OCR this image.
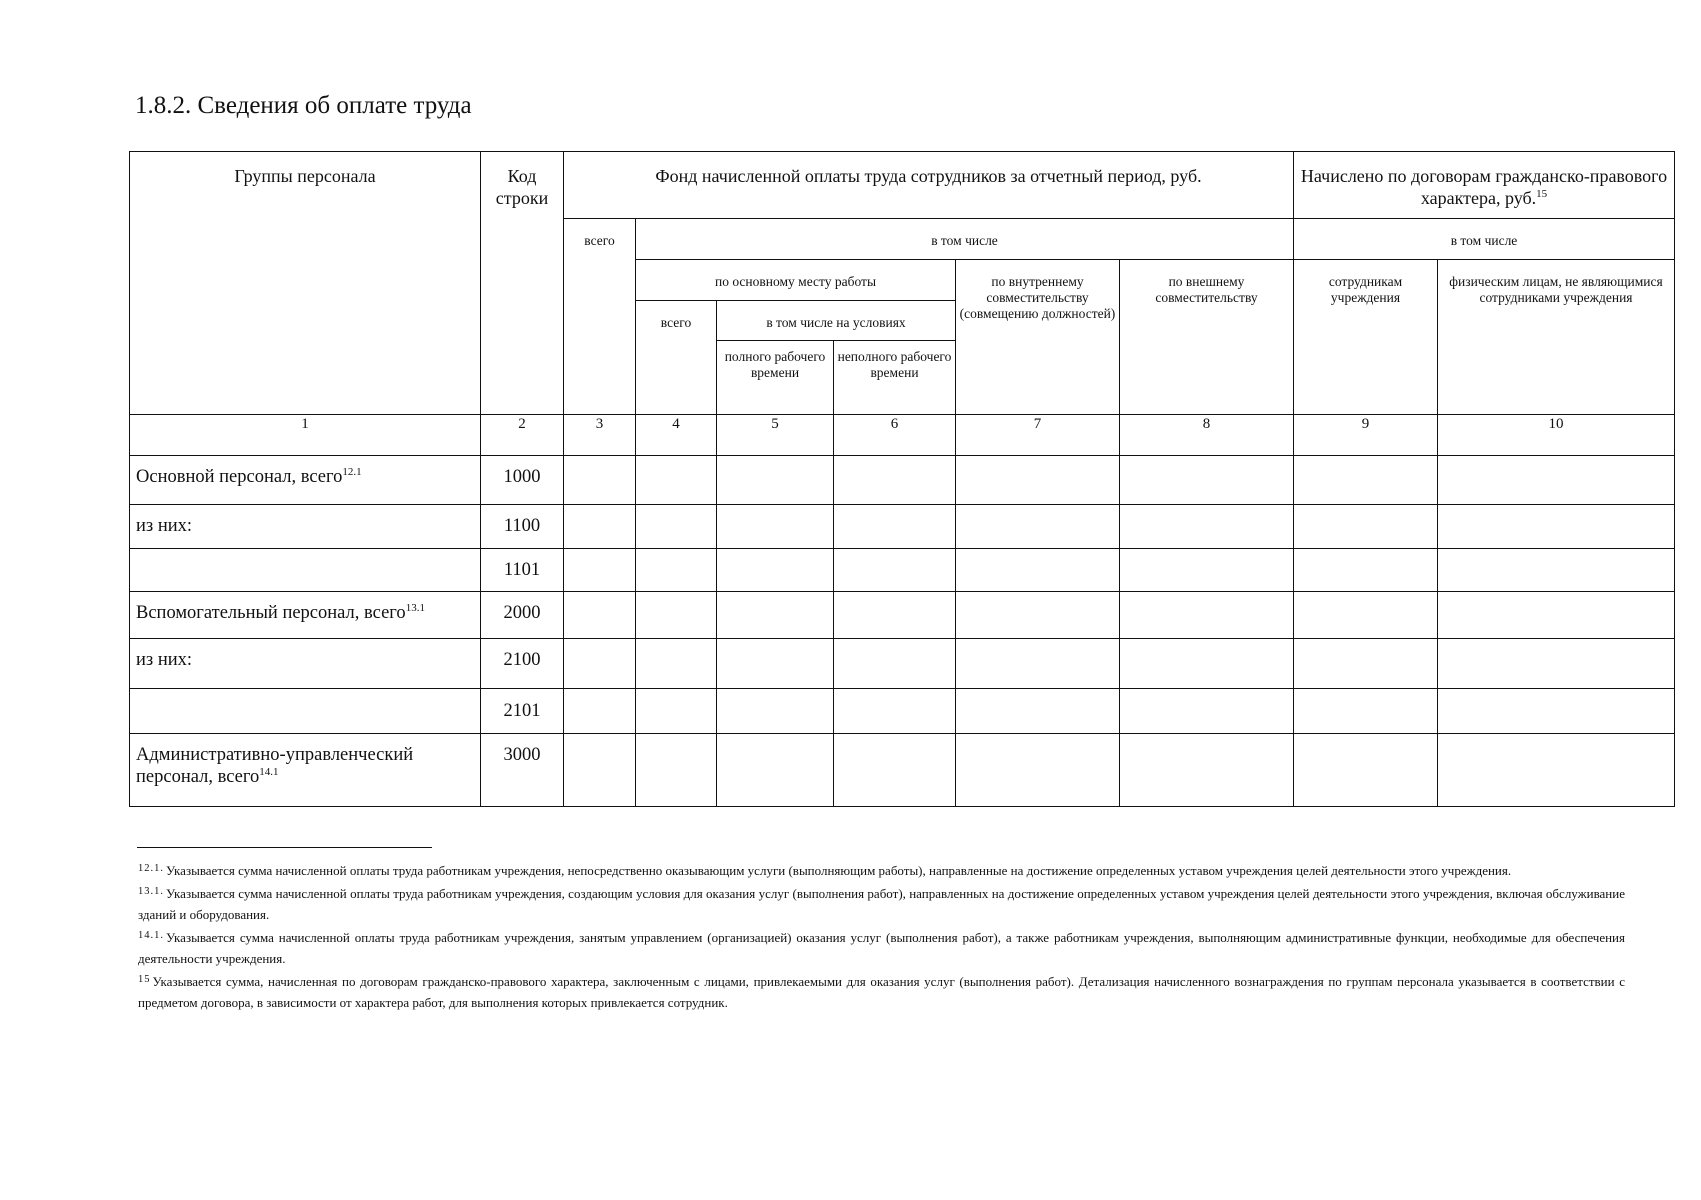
1.8.2. Сведения об оплате труда
Группы персонала	Код строки	Фонд начисленной оплаты труда сотрудников за отчетный период, руб.						Начислено по договорам гражданско-правового характера, руб.$^{15}$
		всего	в том числе					в том числе	
			по основному месту работы			по внутреннему совместительству (совмещению должностей)	по внешнему совместительству	сотрудникам учреждения	физическим лицам, не являющимися сотрудниками учреждения
			всего	в том числе на условиях					
				полного рабочего времени	неполного рабочего времени				
1	2	3	4	5	6	7	8	9	10
Основной персонал, всего$^{12.1}$	1000								
из них:	1100								
	1101								
Вспомогательный персонал, всего$^{13.1}$	2000								
из них:	2100								
	2101								
Административно-управленческий персонал, всего$^{14.1}$	3000								

$^{12.1.}$ Указывается сумма начисленной оплаты труда работникам учреждения, непосредственно оказывающим услуги (выполняющим работы), направленные на достижение определенных уставом учреждения целей деятельности этого учреждения.

$^{13.1.}$ Указывается сумма начисленной оплаты труда работникам учреждения, создающим условия для оказания услуг (выполнения работ), направленных на достижение определенных уставом учреждения целей деятельности этого учреждения, включая обслуживание зданий и оборудования.

$^{14.1.}$ Указывается сумма начисленной оплаты труда работникам учреждения, занятым управлением (организацией) оказания услуг (выполнения работ), а также работникам учреждения, выполняющим административные функции, необходимые для обеспечения деятельности учреждения.

$^{15}$ Указывается сумма, начисленная по договорам гражданско-правового характера, заключенным с лицами, привлекаемыми для оказания услуг (выполнения работ). Детализация начисленного вознаграждения по группам персонала указывается в соответствии с предметом договора, в зависимости от характера работ, для выполнения которых привлекается сотрудник.
